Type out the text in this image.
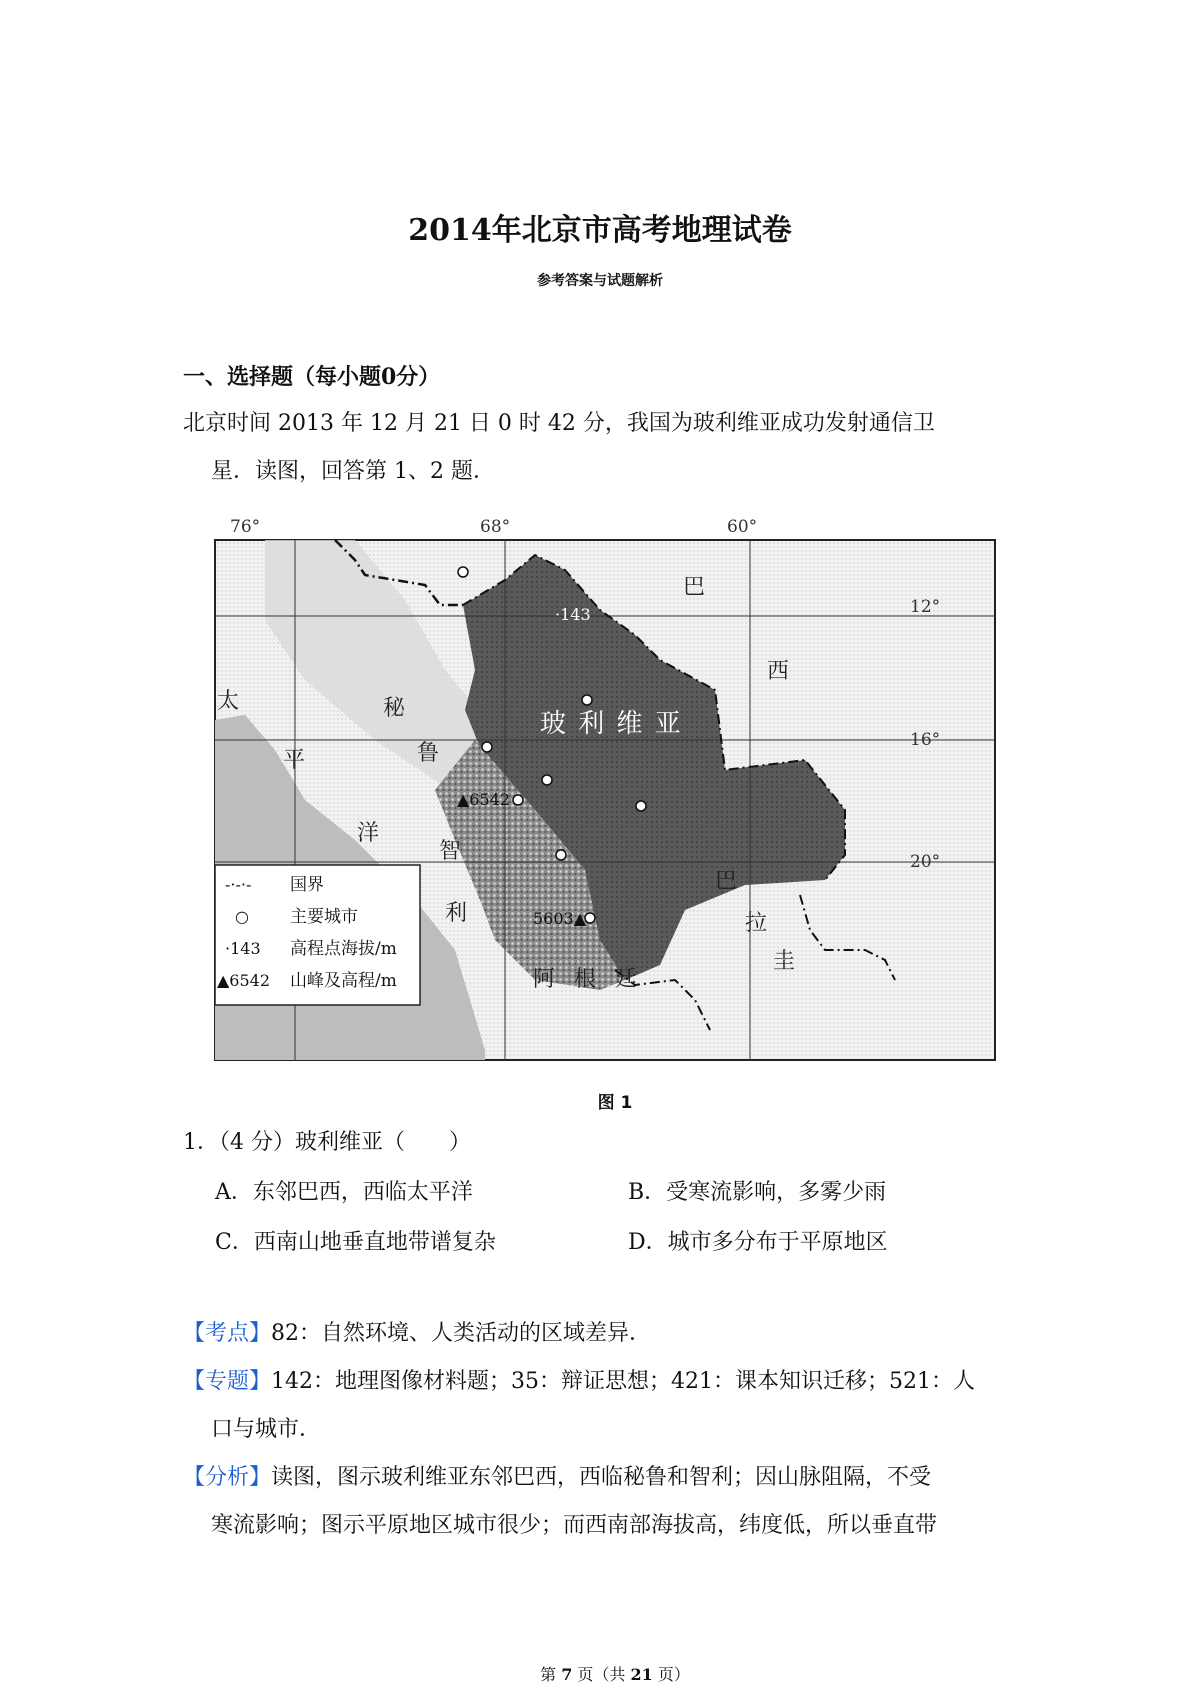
2014年北京市高考地理试卷
参考答案与试题解析
一、选择题（每小题0分）
北京时间 2013 年 12 月 21 日 0 时 42 分，我国为玻利维亚成功发射通信卫
星．读图，回答第 1、2 题．
76°	68°	60°
12°
16°
20°
·143
▲6542
5603▲
玻 利 维 亚
巴
西
秘
鲁
太
平
洋
智
利
巴
拉
圭
阿 根 廷
-·-·- 国界
○ 主要城市
·143 高程点海拔/m
▲6542 山峰及高程/m
图 1
1．（4 分）玻利维亚（　　）
A．东邻巴西，西临太平洋	B．受寒流影响，多雾少雨
C．西南山地垂直地带谱复杂	D．城市多分布于平原地区
【考点】82：自然环境、人类活动的区域差异．
【专题】142：地理图像材料题；35：辩证思想；421：课本知识迁移；521：人
口与城市．
【分析】读图，图示玻利维亚东邻巴西，西临秘鲁和智利；因山脉阻隔，不受
寒流影响；图示平原地区城市很少；而西南部海拔高，纬度低，所以垂直带
第 7 页（共 21 页）
